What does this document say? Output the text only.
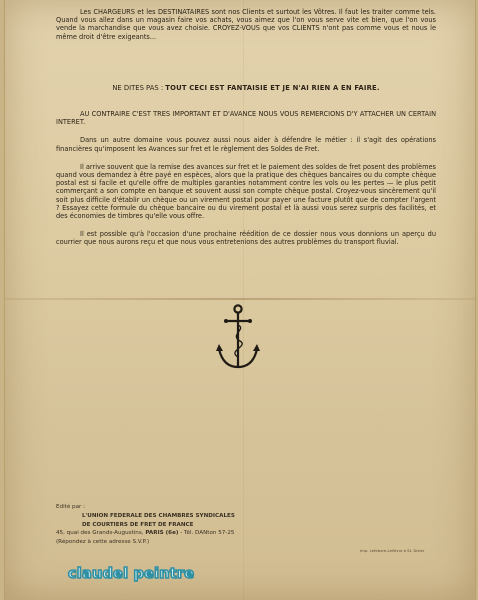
Les CHARGEURS et les DESTINATAIRES sont nos Clients et surtout les Vôtres. Il faut les traiter comme tels. Quand vous allez dans un magasin faire vos achats, vous aimez que l'on vous serve vite et bien, que l'on vous vende la marchandise que vous avez choisie. CROYEZ-VOUS que vos CLIENTS n'ont pas comme vous et nous le même droit d'être exigeants...

NE DITES PAS : TOUT CECI EST FANTAISIE ET JE N'AI RIEN A EN FAIRE.

AU CONTRAIRE C'EST TRES IMPORTANT ET D'AVANCE NOUS VOUS REMERCIONS D'Y ATTACHER UN CERTAIN INTERET.

Dans un autre domaine vous pouvez aussi nous aider à défendre le métier : il s'agit des opérations financières qu'imposent les Avances sur fret et le règlement des Soldes de Fret.

Il arrive souvent que la remise des avances sur fret et le paiement des soldes de fret posent des problèmes quand vous demandez à être payé en espèces, alors que la pratique des chèques bancaires ou du compte chèque postal est si facile et qu'elle offre de multiples garanties notamment contre les vols ou les pertes — le plus petit commerçant a son compte en banque et souvent aussi son compte chèque postal. Croyez-vous sincèrement qu'il soit plus difficile d'établir un chèque ou un virement postal pour payer une facture plutôt que de compter l'argent ? Essayez cette formule du chèque bancaire ou du virement postal et là aussi vous serez surpris des facilités, et des économies de timbres qu'elle vous offre.

Il est possible qu'à l'occasion d'une prochaine réédition de ce dossier nous vous donnions un aperçu du courrier que nous aurons reçu et que nous vous entretenions des autres problèmes du transport fluvial.

Edité par :
L'UNION FEDERALE DES CHAMBRES SYNDICALES
DE COURTIERS DE FRET DE FRANCE
45, quai des Grands-Augustins, PARIS (6e) - Tél. DANton 57-25
(Répondez à cette adresse S.V.P.)
Imp. Lefebvre-Lelièvre à St. Dizier
claudel peintre
